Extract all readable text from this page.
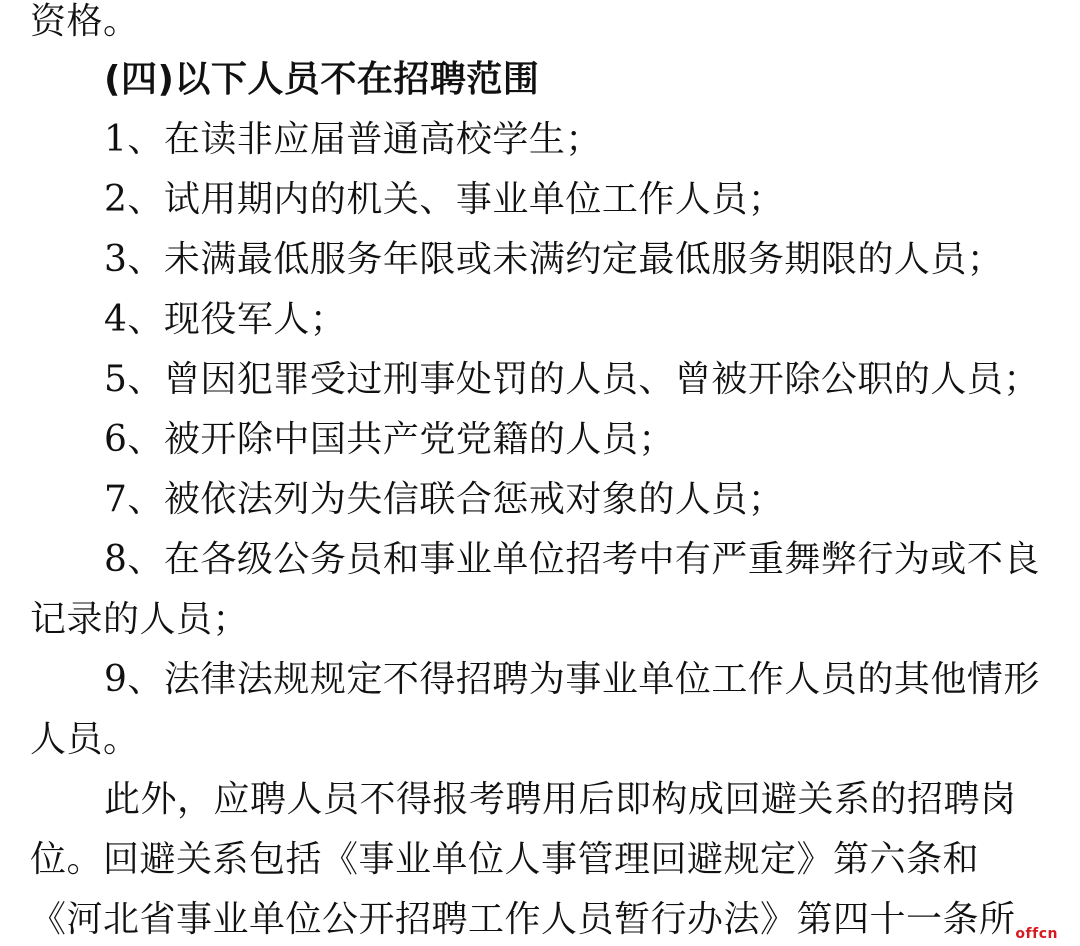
资格。
(四)以下人员不在招聘范围
1、在读非应届普通高校学生；
2、试用期内的机关、事业单位工作人员；
3、未满最低服务年限或未满约定最低服务期限的人员；
4、现役军人；
5、曾因犯罪受过刑事处罚的人员、曾被开除公职的人员；
6、被开除中国共产党党籍的人员；
7、被依法列为失信联合惩戒对象的人员；
8、在各级公务员和事业单位招考中有严重舞弊行为或不良
记录的人员；
9、法律法规规定不得招聘为事业单位工作人员的其他情形
人员。
此外，应聘人员不得报考聘用后即构成回避关系的招聘岗
位。回避关系包括《事业单位人事管理回避规定》第六条和
《河北省事业单位公开招聘工作人员暂行办法》第四十一条所 offcn
